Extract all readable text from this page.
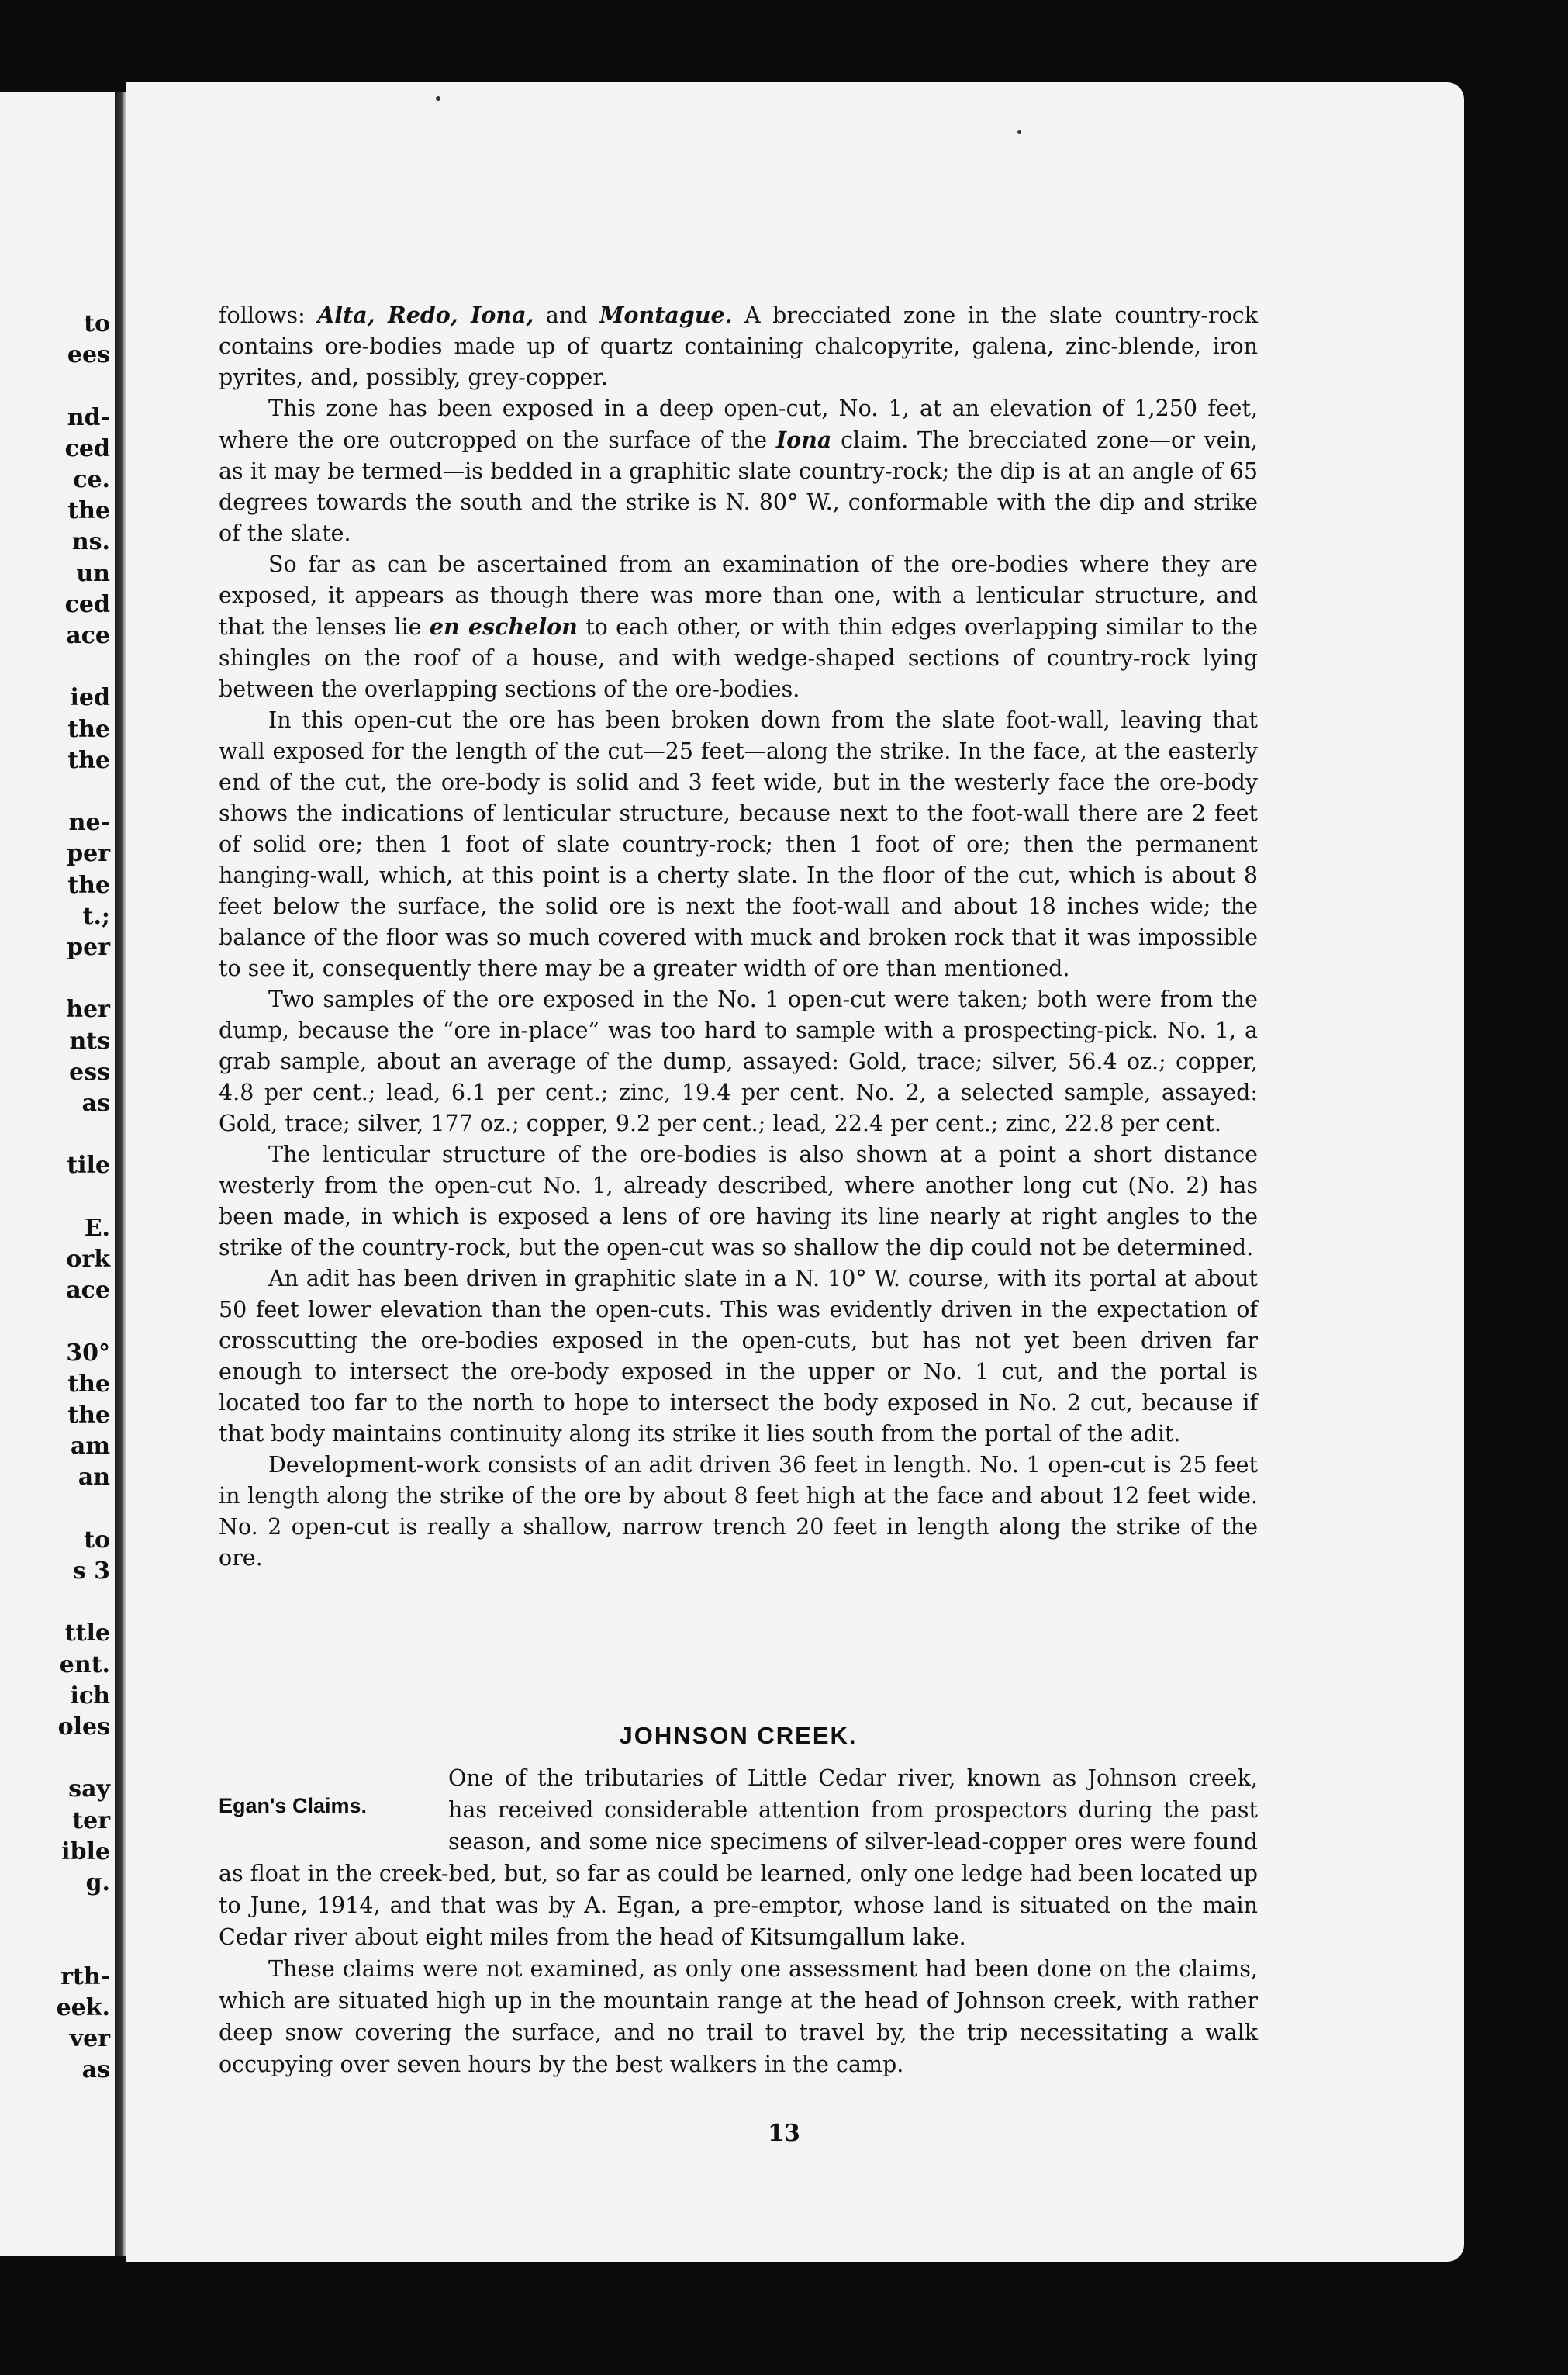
to
ees
nd-
ced
ce.
the
ns.
un
ced
ace
ied
the
the
ne-
per
the
t.;
per
her
nts
ess
as
tile
E.
ork
ace
30°
the
the
am
an
to
s 3
ttle
ent.
ich
oles
say
ter
ible
g.
rth-
eek.
ver
as

follows: Alta, Redo, Iona, and Montague. A brecciated zone in the slate country-rock contains ore-bodies made up of quartz containing chalcopyrite, galena, zinc-blende, iron pyrites, and, possibly, grey-copper.

This zone has been exposed in a deep open-cut, No. 1, at an elevation of 1,250 feet, where the ore outcropped on the surface of the Iona claim. The brecciated zone—or vein, as it may be termed—is bedded in a graphitic slate country-rock; the dip is at an angle of 65 degrees towards the south and the strike is N. 80° W., conformable with the dip and strike of the slate.

So far as can be ascertained from an examination of the ore-bodies where they are exposed, it appears as though there was more than one, with a lenticular structure, and that the lenses lie en eschelon to each other, or with thin edges overlapping similar to the shingles on the roof of a house, and with wedge-shaped sections of country-rock lying between the overlapping sections of the ore-bodies.

In this open-cut the ore has been broken down from the slate foot-wall, leaving that wall exposed for the length of the cut—25 feet—along the strike. In the face, at the easterly end of the cut, the ore-body is solid and 3 feet wide, but in the westerly face the ore-body shows the indications of lenticular structure, because next to the foot-wall there are 2 feet of solid ore; then 1 foot of slate country-rock; then 1 foot of ore; then the permanent hanging-wall, which, at this point is a cherty slate. In the floor of the cut, which is about 8 feet below the surface, the solid ore is next the foot-wall and about 18 inches wide; the balance of the floor was so much covered with muck and broken rock that it was impossible to see it, consequently there may be a greater width of ore than mentioned.

Two samples of the ore exposed in the No. 1 open-cut were taken; both were from the dump, because the “ore in-place” was too hard to sample with a prospecting-pick. No. 1, a grab sample, about an average of the dump, assayed: Gold, trace; silver, 56.4 oz.; copper, 4.8 per cent.; lead, 6.1 per cent.; zinc, 19.4 per cent. No. 2, a selected sample, assayed: Gold, trace; silver, 177 oz.; copper, 9.2 per cent.; lead, 22.4 per cent.; zinc, 22.8 per cent.

The lenticular structure of the ore-bodies is also shown at a point a short distance westerly from the open-cut No. 1, already described, where another long cut (No. 2) has been made, in which is exposed a lens of ore having its line nearly at right angles to the strike of the country-rock, but the open-cut was so shallow the dip could not be determined.

An adit has been driven in graphitic slate in a N. 10° W. course, with its portal at about 50 feet lower elevation than the open-cuts. This was evidently driven in the expectation of crosscutting the ore-bodies exposed in the open-cuts, but has not yet been driven far enough to intersect the ore-body exposed in the upper or No. 1 cut, and the portal is located too far to the north to hope to intersect the body exposed in No. 2 cut, because if that body maintains continuity along its strike it lies south from the portal of the adit.

Development-work consists of an adit driven 36 feet in length. No. 1 open-cut is 25 feet in length along the strike of the ore by about 8 feet high at the face and about 12 feet wide. No. 2 open-cut is really a shallow, narrow trench 20 feet in length along the strike of the ore.

JOHNSON CREEK.
Egan's Claims.

One of the tributaries of Little Cedar river, known as Johnson creek, has received considerable attention from prospectors during the past season, and some nice specimens of silver-lead-copper ores were found as float in the creek-bed, but, so far as could be learned, only one ledge had been located up to June, 1914, and that was by A. Egan, a pre-emptor, whose land is situated on the main Cedar river about eight miles from the head of Kitsumgallum lake.

These claims were not examined, as only one assessment had been done on the claims, which are situated high up in the mountain range at the head of Johnson creek, with rather deep snow covering the surface, and no trail to travel by, the trip necessitating a walk occupying over seven hours by the best walkers in the camp.

13
